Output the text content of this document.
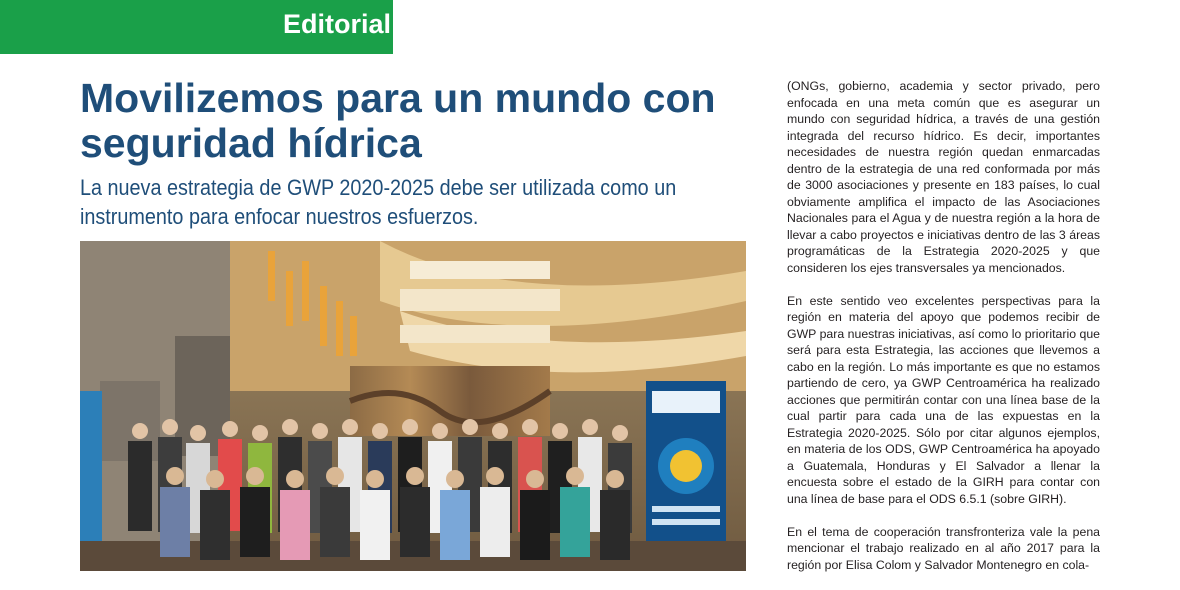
Editorial
Movilizemos para un mundo con seguridad hídrica

La nueva estrategia de GWP 2020-2025 debe ser utilizada como un instrumento para enfocar nuestros esfuerzos.

(ONGs, gobierno, academia y sector privado, pero enfocada en una meta común que es asegurar un mundo con seguridad hídrica, a través de una gestión integrada del recurso hídrico. Es decir, importantes necesidades de nuestra región quedan enmarcadas dentro de la estrategia de una red conformada por más de 3000 asociaciones y presente en 183 países, lo cual obviamente amplifica el impacto de las Asociaciones Nacionales para el Agua y de nuestra región a la hora de llevar a cabo proyectos e iniciativas dentro de las 3 áreas programáticas de la Estrategia 2020-2025 y que consideren los ejes transversales ya mencionados.

En este sentido veo excelentes perspectivas para la región en materia del apoyo que podemos recibir de GWP para nuestras iniciativas, así como lo prioritario que será para esta Estrategia, las acciones que llevemos a cabo en la región. Lo más importante es que no estamos partiendo de cero, ya GWP Centroamérica ha realizado acciones que permitirán contar con una línea base de la cual partir para cada una de las expuestas en la Estrategia 2020-2025. Sólo por citar algunos ejemplos, en materia de los ODS, GWP Centroamérica ha apoyado a Guatemala, Honduras y El Salvador a llenar la encuesta sobre el estado de la GIRH para contar con una línea de base para el ODS 6.5.1 (sobre GIRH).

En el tema de cooperación transfronteriza vale la pena mencionar el trabajo realizado en al año 2017 para la región por Elisa Colom y Salvador Montenegro en cola-
